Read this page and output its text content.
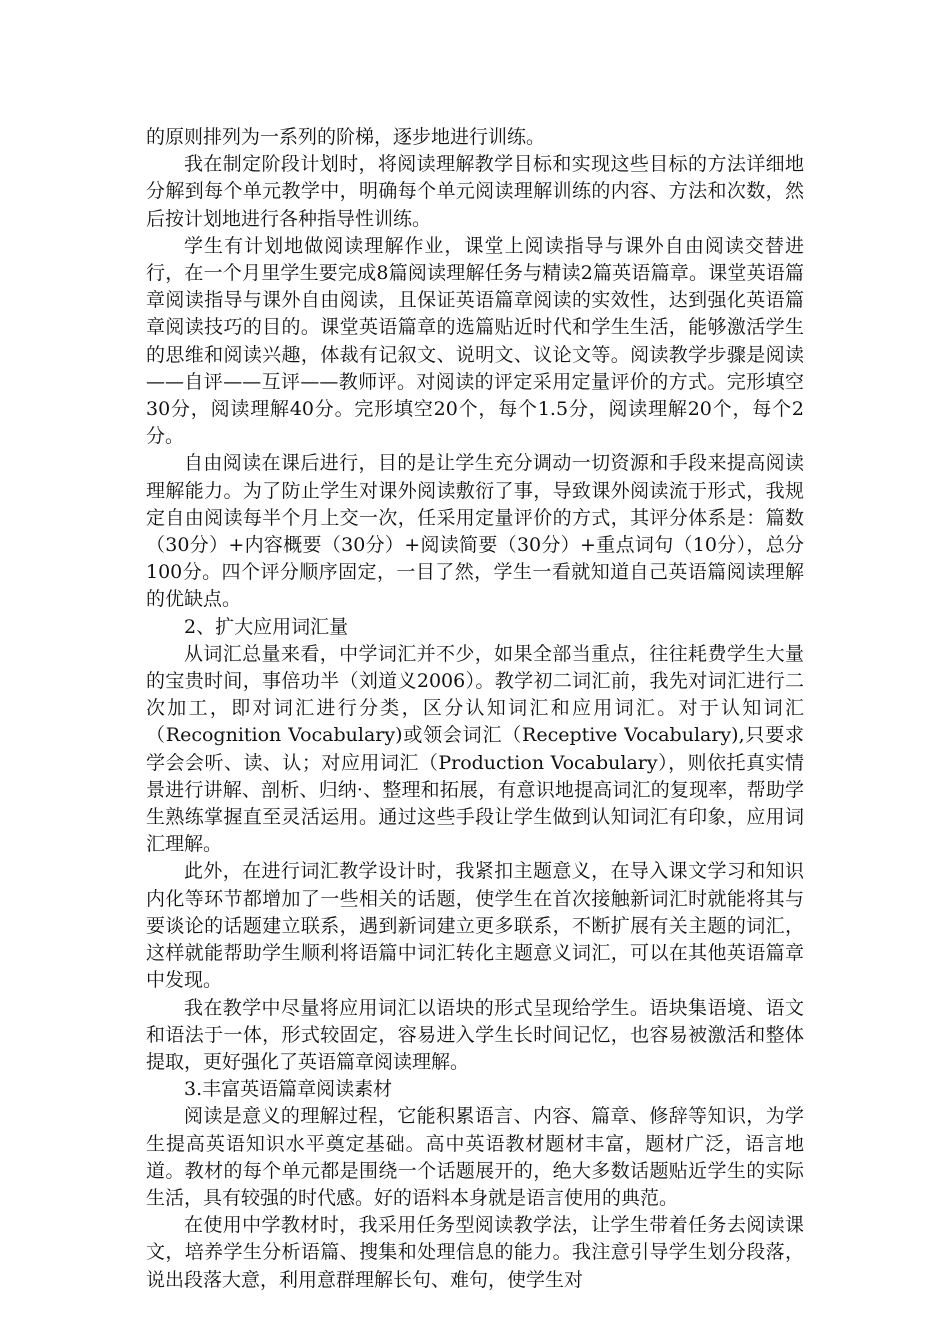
的原则排列为一系列的阶梯，逐步地进行训练。

我在制定阶段计划时，将阅读理解教学目标和实现这些目标的方法详细地分解到每个单元教学中，明确每个单元阅读理解训练的内容、方法和次数，然后按计划地进行各种指导性训练。

学生有计划地做阅读理解作业，课堂上阅读指导与课外自由阅读交替进行，在一个月里学生要完成8篇阅读理解任务与精读2篇英语篇章。课堂英语篇章阅读指导与课外自由阅读，且保证英语篇章阅读的实效性，达到强化英语篇章阅读技巧的目的。课堂英语篇章的选篇贴近时代和学生生活，能够激活学生的思维和阅读兴趣，体裁有记叙文、说明文、议论文等。阅读教学步骤是阅读——自评——互评——教师评。对阅读的评定采用定量评价的方式。完形填空30分，阅读理解40分。完形填空20个，每个1.5分，阅读理解20个，每个2分。

自由阅读在课后进行，目的是让学生充分调动一切资源和手段来提高阅读理解能力。为了防止学生对课外阅读敷衍了事，导致课外阅读流于形式，我规定自由阅读每半个月上交一次，任采用定量评价的方式，其评分体系是：篇数（30分）+内容概要（30分）+阅读简要（30分）+重点词句（10分），总分100分。四个评分顺序固定，一目了然，学生一看就知道自己英语篇阅读理解的优缺点。

2、扩大应用词汇量

从词汇总量来看，中学词汇并不少，如果全部当重点，往往耗费学生大量的宝贵时间，事倍功半（刘道义2006）。教学初二词汇前，我先对词汇进行二次加工，即对词汇进行分类，区分认知词汇和应用词汇。对于认知词汇（Recognition Vocabulary)或领会词汇（Receptive Vocabulary),只要求学会会听、读、认；对应用词汇（Production Vocabulary），则依托真实情景进行讲解、剖析、归纳·、整理和拓展，有意识地提高词汇的复现率，帮助学生熟练掌握直至灵活运用。通过这些手段让学生做到认知词汇有印象，应用词汇理解。

此外，在进行词汇教学设计时，我紧扣主题意义，在导入课文学习和知识内化等环节都增加了一些相关的话题，使学生在首次接触新词汇时就能将其与要谈论的话题建立联系，遇到新词建立更多联系，不断扩展有关主题的词汇，这样就能帮助学生顺利将语篇中词汇转化主题意义词汇，可以在其他英语篇章中发现。

我在教学中尽量将应用词汇以语块的形式呈现给学生。语块集语境、语文和语法于一体，形式较固定，容易进入学生长时间记忆，也容易被激活和整体提取，更好强化了英语篇章阅读理解。

3.丰富英语篇章阅读素材

阅读是意义的理解过程，它能积累语言、内容、篇章、修辞等知识，为学生提高英语知识水平奠定基础。高中英语教材题材丰富，题材广泛，语言地道。教材的每个单元都是围绕一个话题展开的，绝大多数话题贴近学生的实际生活，具有较强的时代感。好的语料本身就是语言使用的典范。

在使用中学教材时，我采用任务型阅读教学法，让学生带着任务去阅读课文，培养学生分析语篇、搜集和处理信息的能力。我注意引导学生划分段落，说出段落大意，利用意群理解长句、难句，使学生对
